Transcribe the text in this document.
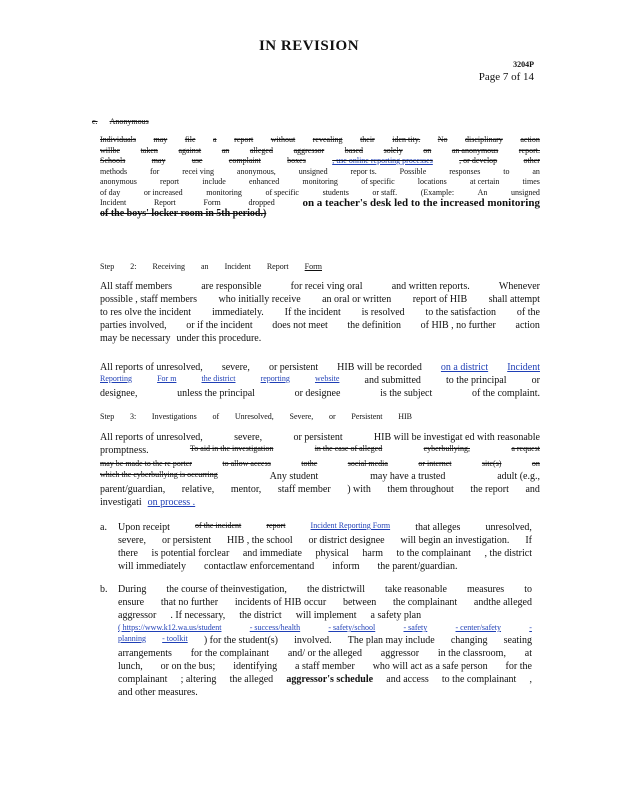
IN REVISION
3204P
Page 7 of 14
c. Anonymous
Individuals may file a report without revealing their iden tity. No disciplinary action
willbe	taken	against	an	alleged	aggressor	based	solely	on	an anonymous	report.
Schools	may	use	complaint	boxes	, use online reporting processes	, or develop	other
methods	for	recei ving	anonymous,	unsigned	repor ts.	Possible	responses	to	an
anonymous	report	include	enhanced	monitoring	of specific	locations	at certain	times
of day	or increased	monitoring	of specific	students	or staff.	(Example:	An	unsigned
Incident	Report	Form	dropped	on a teacher's desk led to the increased monitoring
of the boys' locker room in 5th period.)
Step 2: Receiving an Incident Report Form
All staff members	are responsible	for recei ving oral	and written reports.	Whenever
possible , staff members who initially receive an oral or written report of HIB shall attempt
to res olve the incident immediately. If the incident is resolved to the satisfaction of the
parties involved, or if the incident does not meet the definition of HIB , no further action
may be necessary under this procedure.
All reports of unresolved, severe, or persistent HIB will be recorded on a district Incident
Reporting	For m	the district	reporting	website	and submitted	to the principal	or
designee,	unless the principal	or designee	is the subject	of the complaint.
Step 3: Investigations of Unresolved, Severe, or Persistent HIB
All reports of unresolved,	severe,	or persistent	HIB will be investigat ed with reasonable
promptness.	To aid in the investigation	in the case of alleged	cyberbullying,	a request
may be made to the re porter	to allow access	tothe	social media	or internet	site(s)	on
which the cyberbullying is occurring	Any student	may have a trusted	adult (e.g.,
parent/guardian, relative, mentor, staff member ) with them throughout the report and
investigati on process .
a. Upon receipt	of the incident	report	Incident Reporting Form	that alleges	unresolved,
severe, or persistent HIB , the school or district designee will begin an investigation. If
there is potential forclear and immediate physical harm to the complainant , the district
will immediately contactlaw enforcementand inform the parent/guardian.
b. During the course of theinvestigation, the districtwill take reasonable measures to
ensure that no further incidents of HIB occur between the complainant andthe alleged
aggressor . If necessary, the district will implement a safety plan
( https://www.k12.wa.us/student	- success/health	- safety/school	- safety	- center/safety	-
planning - toolkit ) for the student(s) involved. The plan may include changing seating
arrangements for the complainant and/ or the alleged aggressor in the classroom, at
lunch, or on the bus; identifying a staff member who will act as a safe person for the
complainant ; altering the alleged aggressor's schedule and access to the complainant ,
and other measures.
